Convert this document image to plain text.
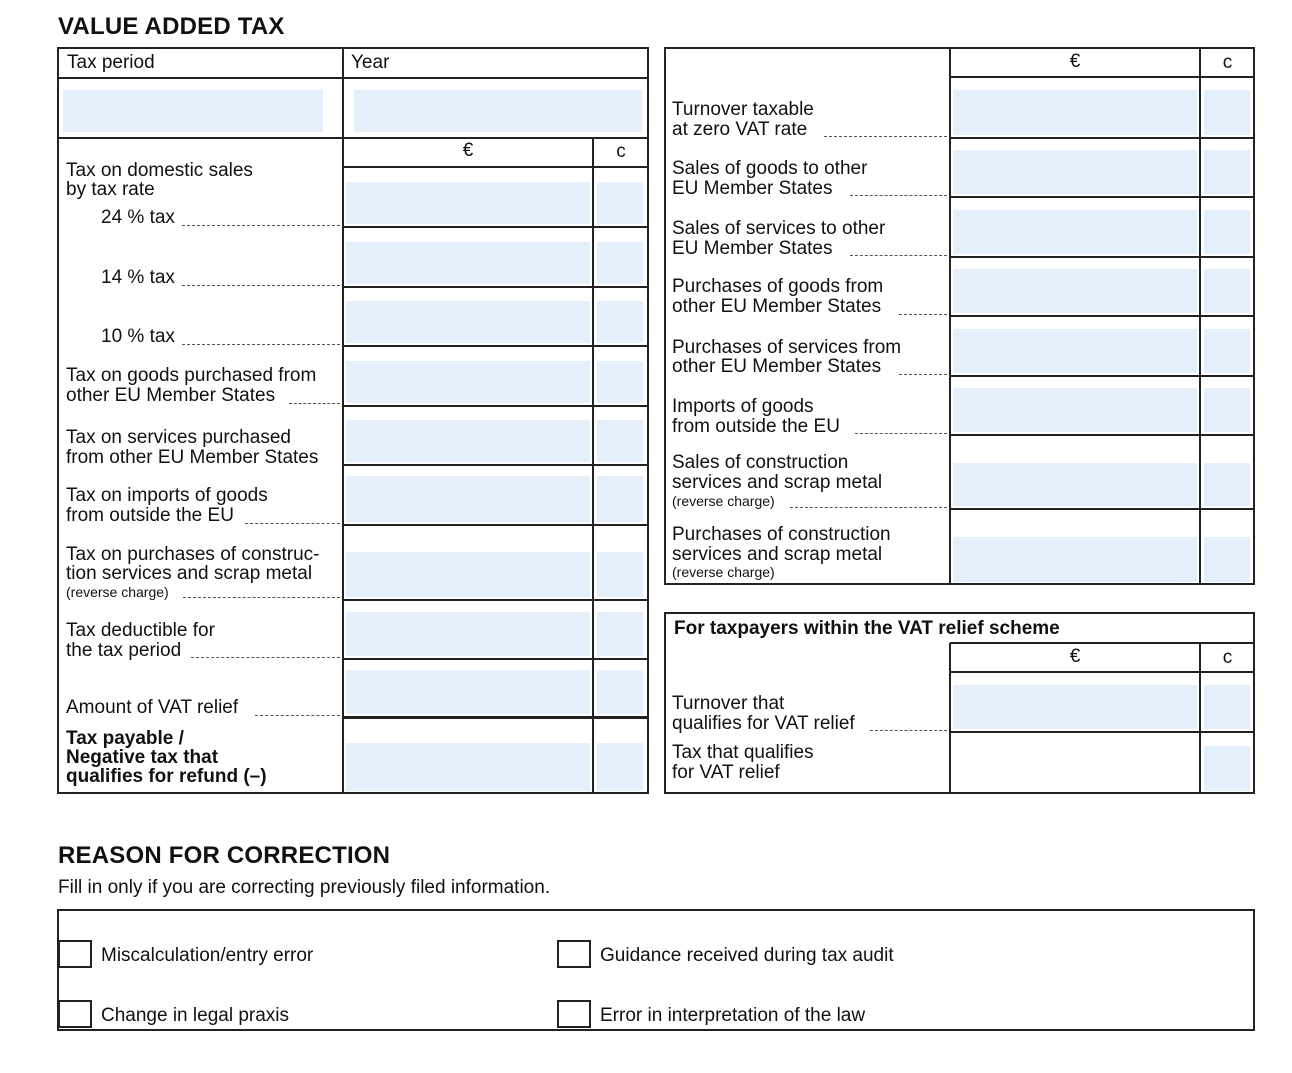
VALUE ADDED TAX
Tax period	Year
€	c
Tax on domestic sales
by tax rate
24 % tax
14 % tax
10 % tax
Tax on goods purchased from
other EU Member States
Tax on services purchased
from other EU Member States
Tax on imports of goods
from outside the EU
Tax on purchases of construc-
tion services and scrap metal
(reverse charge)
Tax deductible for
the tax period
Amount of VAT relief
Tax payable /
Negative tax that
qualifies for refund (–)
€	c
Turnover taxable
at zero VAT rate
Sales of goods to other
EU Member States
Sales of services to other
EU Member States
Purchases of goods from
other EU Member States
Purchases of services from
other EU Member States
Imports of goods
from outside the EU
Sales of construction
services and scrap metal
(reverse charge)
Purchases of construction
services and scrap metal
(reverse charge)
For taxpayers within the VAT relief scheme
€	c
Turnover that
qualifies for VAT relief
Tax that qualifies
for VAT relief
REASON FOR CORRECTION
Fill in only if you are correcting previously filed information.
Miscalculation/entry error	Guidance received during tax audit
Change in legal praxis	Error in interpretation of the law
